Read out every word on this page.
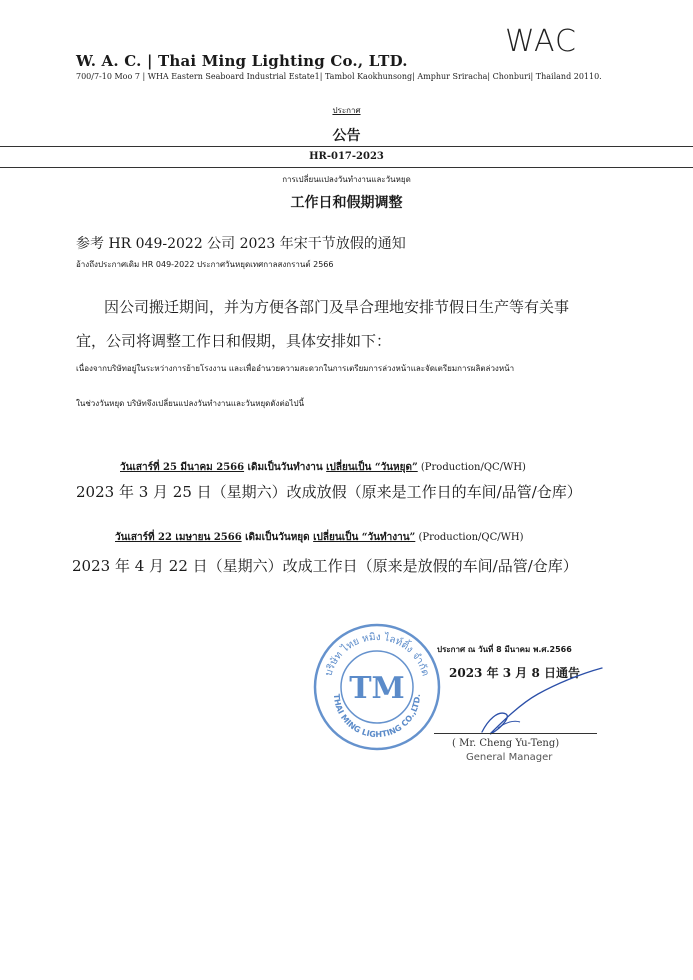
WAC
W. A. C. | Thai Ming Lighting Co., LTD.
700/7-10 Moo 7 | WHA Eastern Seaboard Industrial Estate1| Tambol Kaokhunsong| Amphur Sriracha| Chonburi| Thailand 20110.
ประกาศ
公告
HR-017-2023
การเปลี่ยนแปลงวันทำงานและวันหยุด
工作日和假期调整
参考 HR 049-2022 公司 2023 年宋干节放假的通知
อ้างถึงประกาศเดิม HR 049-2022 ประกาศวันหยุดเทศกาลสงกรานต์ 2566
因公司搬迁期间，并为方便各部门及旱合理地安排节假日生产等有关事
宜，公司将调整工作日和假期，具体安排如下：
เนื่องจากบริษัทอยู่ในระหว่างการย้ายโรงงาน และเพื่ออำนวยความสะดวกในการเตรียมการล่วงหน้าและจัดเตรียมการผลิตล่วงหน้า
ในช่วงวันหยุด บริษัทจึงเปลี่ยนแปลงวันทำงานและวันหยุดดังต่อไปนี้
วันเสาร์ที่ 25 มีนาคม 2566 เดิมเป็นวันทำงาน เปลี่ยนเป็น “วันหยุด” (Production/QC/WH)
2023 年 3 月 25 日（星期六）改成放假（原来是工作日的车间/品管/仓库）
วันเสาร์ที่ 22 เมษายน 2566 เดิมเป็นวันหยุด เปลี่ยนเป็น “วันทำงาน” (Production/QC/WH)
2023 年 4 月 22 日（星期六）改成工作日（原来是放假的车间/品管/仓库）
บริษัท ไทย หมิง ไลท์ติ้ง จำกัด
THAI MING LIGHTING CO.,LTD.
TM
ประกาศ ณ วันที่ 8 มีนาคม พ.ศ.2566
2023 年 3 月 8 日通告
( Mr. Cheng Yu-Teng)
General Manager
